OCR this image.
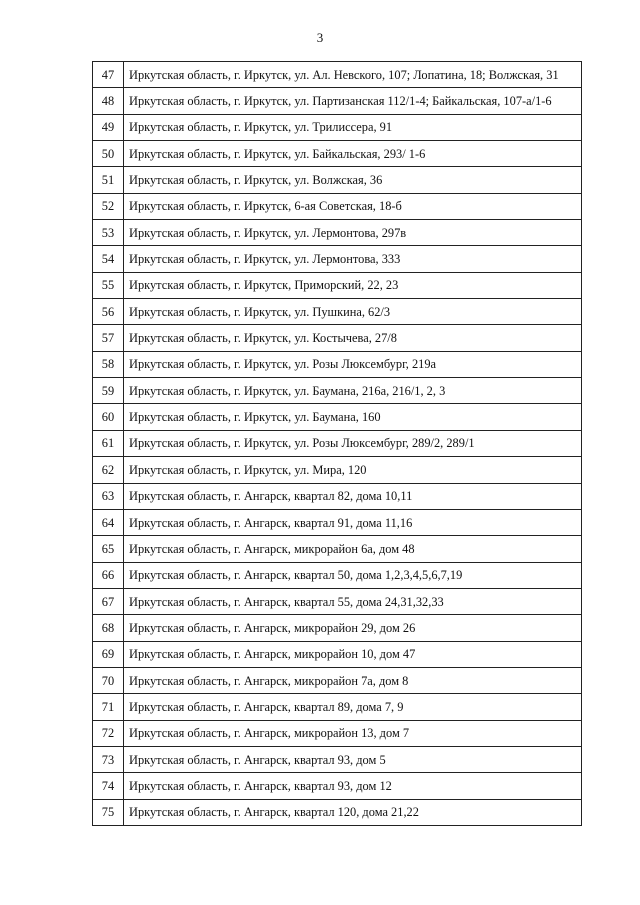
3
47	Иркутская область, г. Иркутск, ул. Ал. Невского, 107; Лопатина, 18; Волжская, 31
48	Иркутская область, г. Иркутск, ул. Партизанская 112/1-4; Байкальская, 107-а/1-6
49	Иркутская область, г. Иркутск, ул. Трилиссера, 91
50	Иркутская область, г. Иркутск, ул. Байкальская, 293/ 1-6
51	Иркутская область, г. Иркутск, ул. Волжская, 36
52	Иркутская область, г. Иркутск, 6-ая Советская, 18-б
53	Иркутская область, г. Иркутск, ул. Лермонтова, 297в
54	Иркутская область, г. Иркутск, ул. Лермонтова, 333
55	Иркутская область, г. Иркутск, Приморский, 22, 23
56	Иркутская область, г. Иркутск, ул. Пушкина, 62/3
57	Иркутская область, г. Иркутск, ул. Костычева, 27/8
58	Иркутская область, г. Иркутск, ул. Розы Люксембург, 219а
59	Иркутская область, г. Иркутск, ул. Баумана, 216а, 216/1, 2, 3
60	Иркутская область, г. Иркутск, ул. Баумана, 160
61	Иркутская область, г. Иркутск, ул. Розы Люксембург, 289/2, 289/1
62	Иркутская область, г. Иркутск, ул. Мира, 120
63	Иркутская область, г. Ангарск, квартал 82, дома 10,11
64	Иркутская область, г. Ангарск, квартал 91, дома 11,16
65	Иркутская область, г. Ангарск, микрорайон 6а, дом 48
66	Иркутская область, г. Ангарск, квартал 50, дома 1,2,3,4,5,6,7,19
67	Иркутская область, г. Ангарск, квартал 55, дома 24,31,32,33
68	Иркутская область, г. Ангарск, микрорайон 29, дом 26
69	Иркутская область, г. Ангарск, микрорайон 10, дом 47
70	Иркутская область, г. Ангарск, микрорайон 7а, дом 8
71	Иркутская область, г. Ангарск, квартал 89, дома 7, 9
72	Иркутская область, г. Ангарск, микрорайон 13, дом 7
73	Иркутская область, г. Ангарск, квартал 93, дом 5
74	Иркутская область, г. Ангарск, квартал 93, дом 12
75	Иркутская область, г. Ангарск, квартал 120, дома 21,22
